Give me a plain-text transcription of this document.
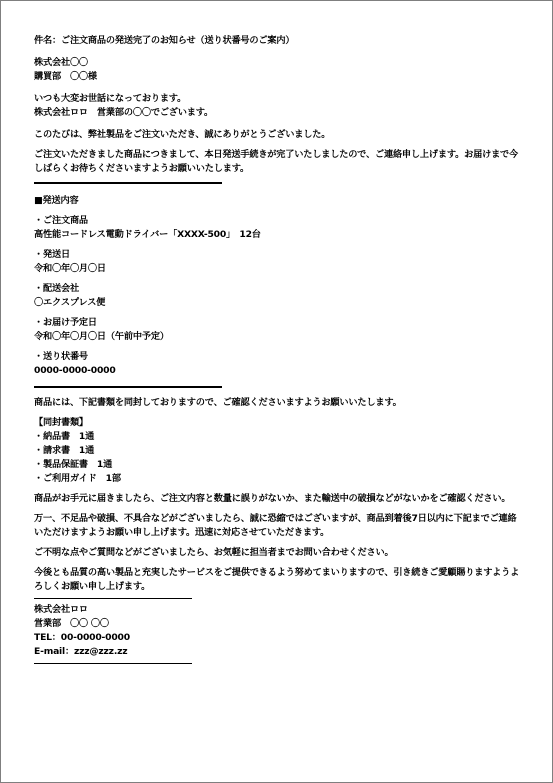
件名：ご注文商品の発送完了のお知らせ（送り状番号のご案内）
株式会社〇〇
購買部　〇〇様
いつも大変お世話になっております。
株式会社ロロ　営業部の〇〇でございます。
このたびは、弊社製品をご注文いただき、誠にありがとうございました。
ご注文いただきました商品につきまして、本日発送手続きが完了いたしましたので、ご連絡申し上げます。お届けまで今しばらくお待ちくださいますようお願いいたします。
■発送内容
・ご注文商品
高性能コードレス電動ドライバー「XXXX-500」　12台
・発送日
令和〇年〇月〇日
・配送会社
〇エクスプレス便
・お届け予定日
令和〇年〇月〇日（午前中予定）
・送り状番号
0000-0000-0000
商品には、下記書類を同封しておりますので、ご確認くださいますようお願いいたします。
【同封書類】
・納品書　1通
・請求書　1通
・製品保証書　1通
・ご利用ガイド　1部
商品がお手元に届きましたら、ご注文内容と数量に誤りがないか、また輸送中の破損などがないかをご確認ください。
万一、不足品や破損、不具合などがございましたら、誠に恐縮ではございますが、商品到着後7日以内に下記までご連絡いただけますようお願い申し上げます。迅速に対応させていただきます。
ご不明な点やご質問などがございましたら、お気軽に担当者までお問い合わせください。
今後とも品質の高い製品と充実したサービスをご提供できるよう努めてまいりますので、引き続きご愛顧賜りますようよろしくお願い申し上げます。
株式会社ロロ
営業部　〇〇 〇〇
TEL：00-0000-0000
E-mail：zzz@zzz.zz
